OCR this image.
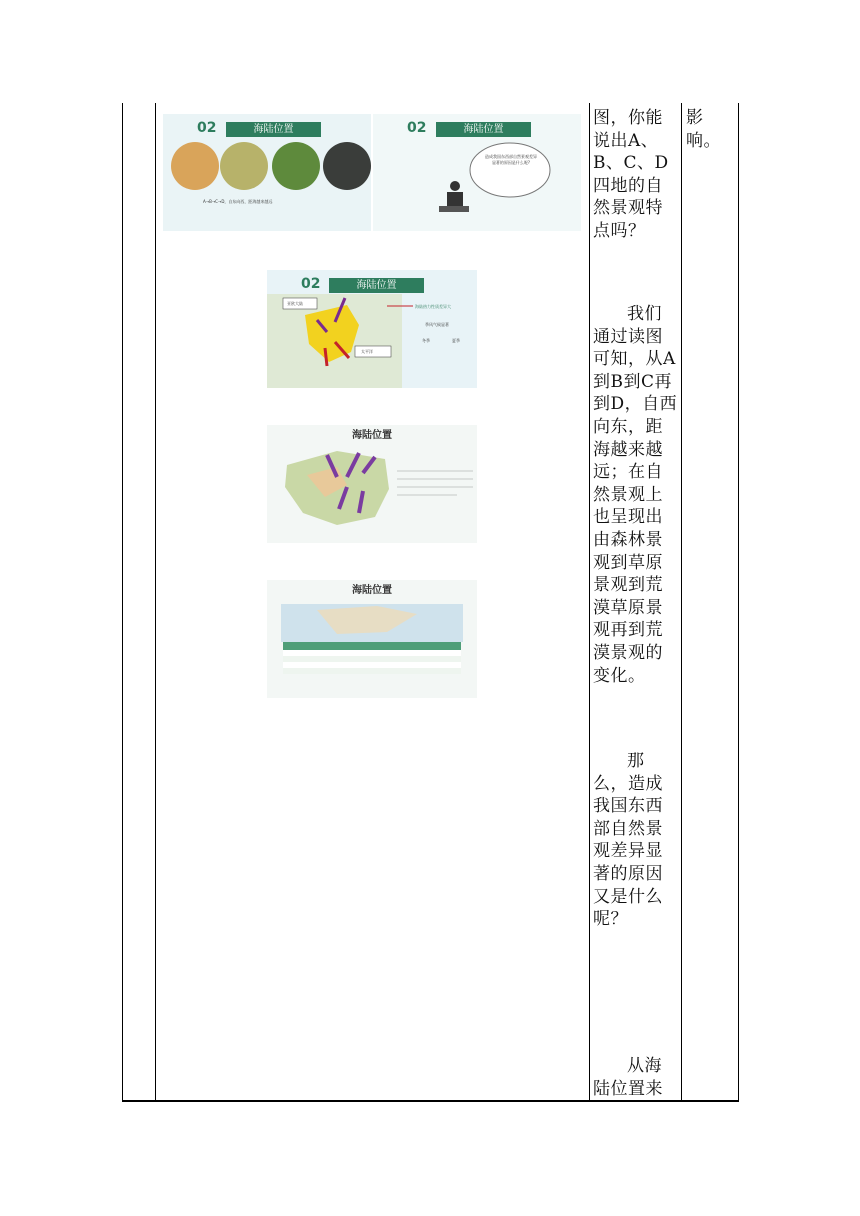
图，你能说出A、B、C、D四地的自然景观特点吗？
我们通过读图可知，从A到B到C再到D，自西向东，距海越来越远；在自然景观上也呈现出由森林景观到草原景观到荒漠草原景观再到荒漠景观的变化。
那么，造成我国东西部自然景观差异显著的原因又是什么呢？
从海陆位置来
影响。
02	海陆位置
A→B→C→D，自东向西，距海越来越远
02	海陆位置
造成我国东西部自然景观差异显著的原因是什么呢?
02	海陆位置
亚欧大陆
太平洋
海陆热力性质差异大
季风气候显著
冬季	夏季
海陆位置
海陆位置
